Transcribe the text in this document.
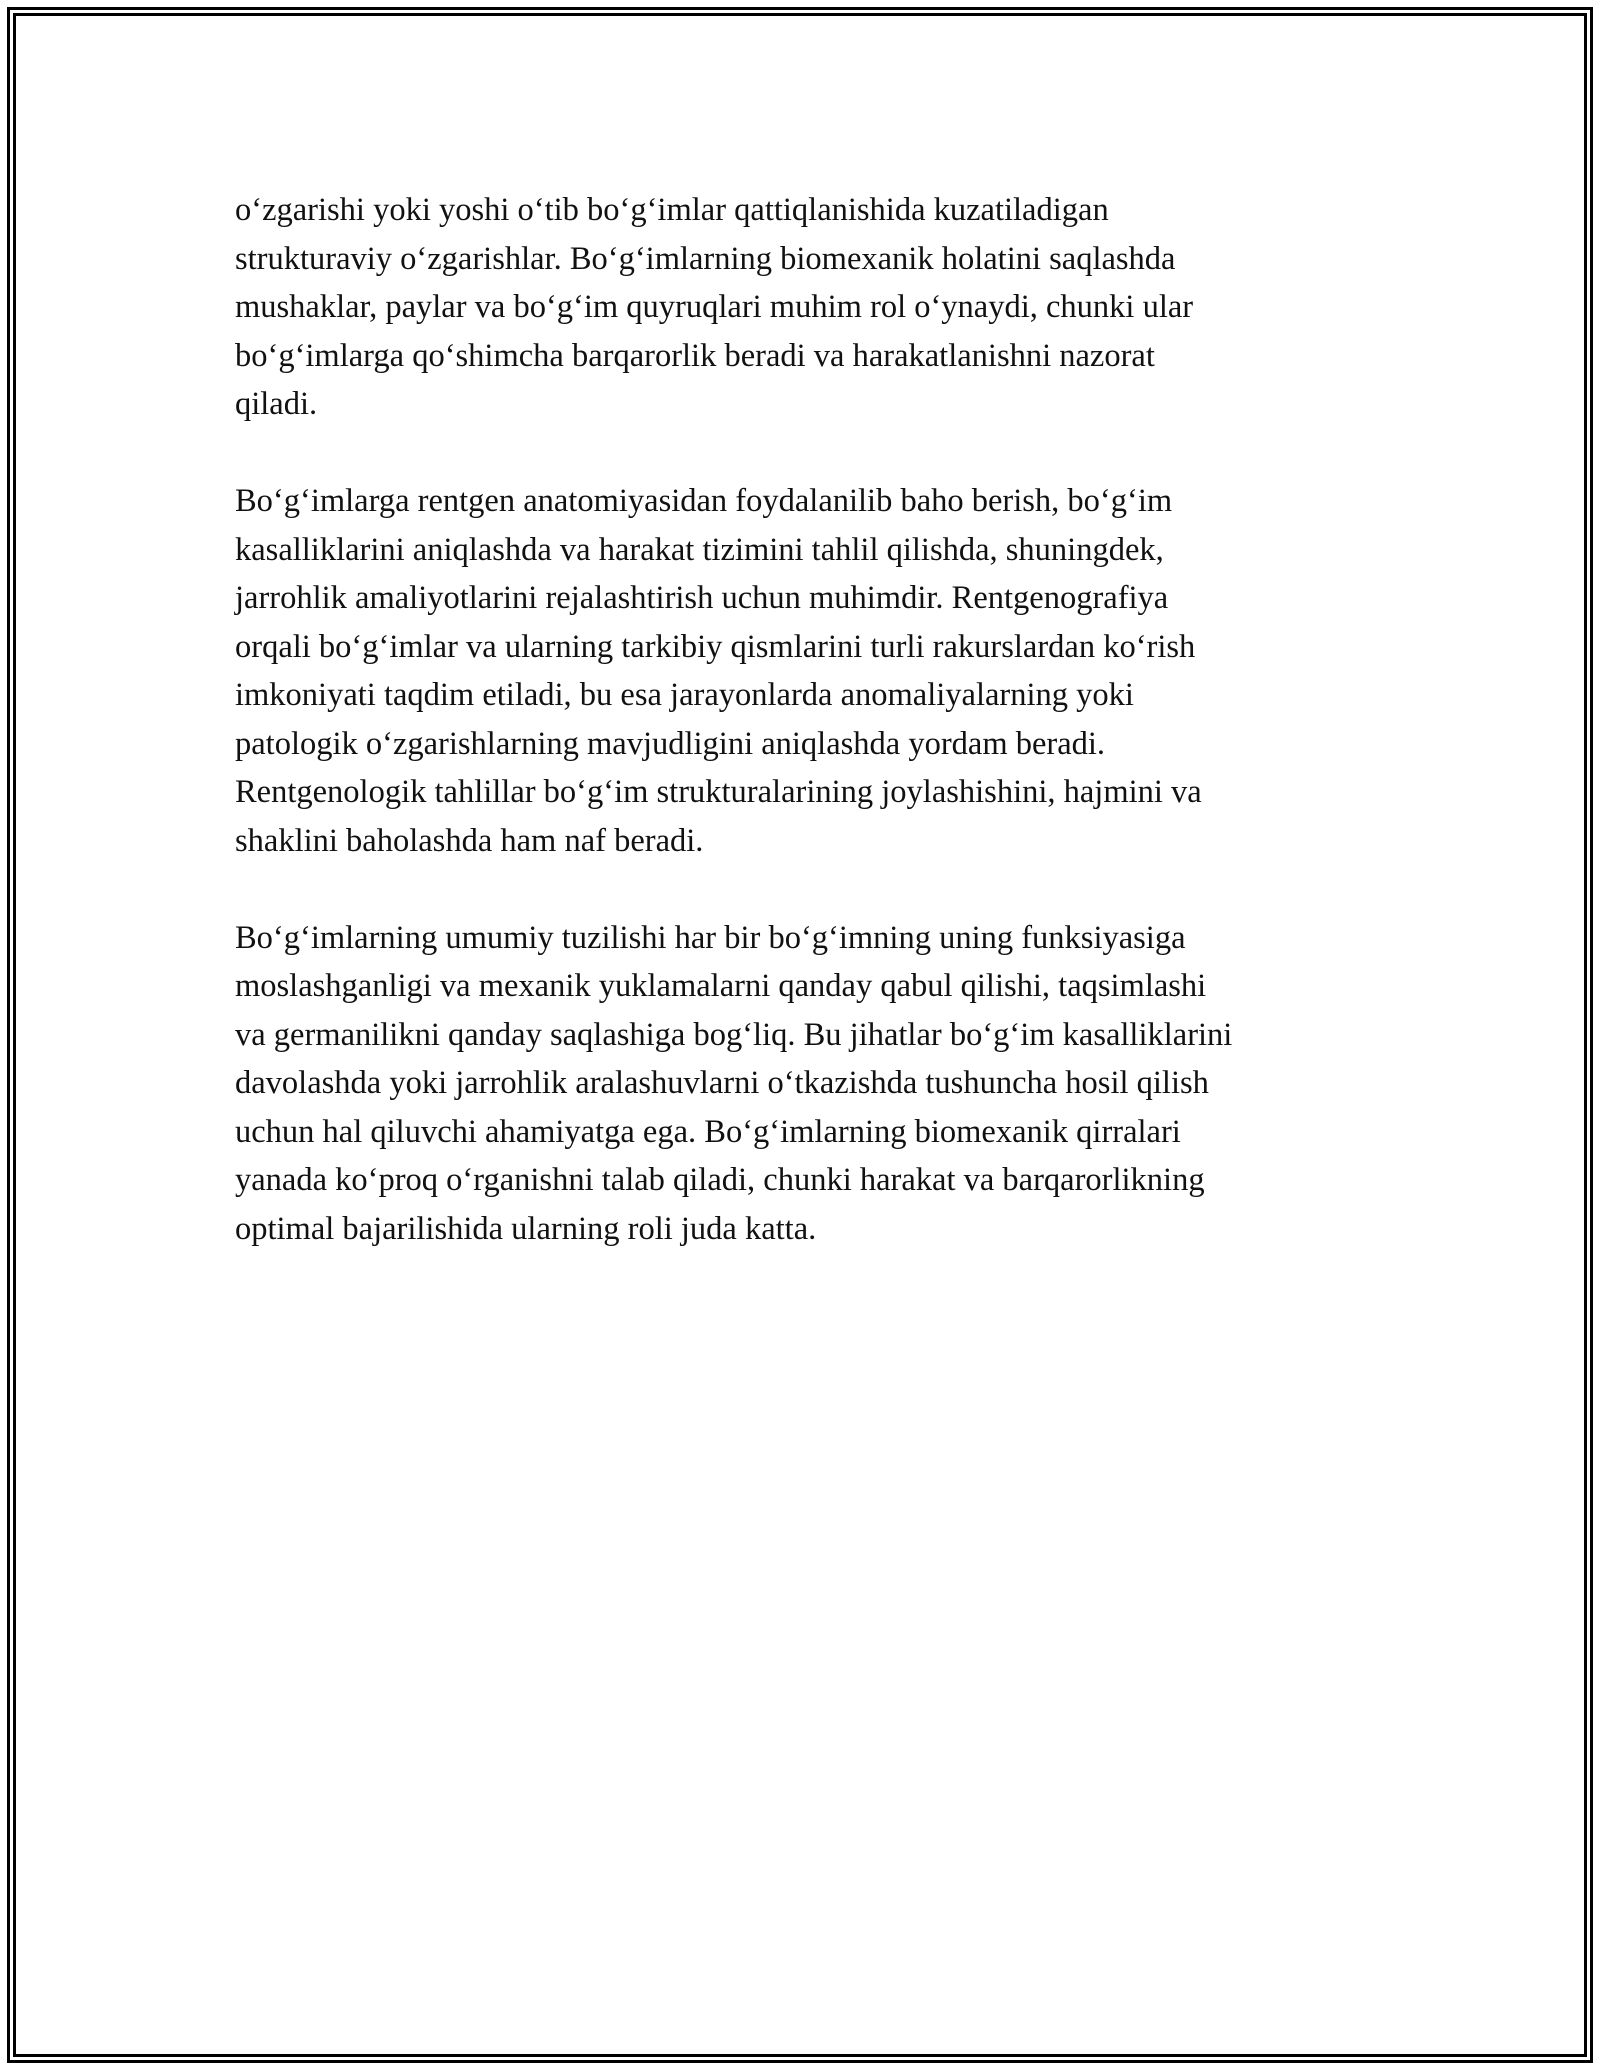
o‘zgarishi yoki yoshi o‘tib bo‘g‘imlar qattiqlanishida kuzatiladigan
strukturaviy o‘zgarishlar. Bo‘g‘imlarning biomexanik holatini saqlashda
mushaklar, paylar va bo‘g‘im quyruqlari muhim rol o‘ynaydi, chunki ular
bo‘g‘imlarga qo‘shimcha barqarorlik beradi va harakatlanishni nazorat
qiladi.

Bo‘g‘imlarga rentgen anatomiyasidan foydalanilib baho berish, bo‘g‘im
kasalliklarini aniqlashda va harakat tizimini tahlil qilishda, shuningdek,
jarrohlik amaliyotlarini rejalashtirish uchun muhimdir. Rentgenografiya
orqali bo‘g‘imlar va ularning tarkibiy qismlarini turli rakurslardan ko‘rish
imkoniyati taqdim etiladi, bu esa jarayonlarda anomaliyalarning yoki
patologik o‘zgarishlarning mavjudligini aniqlashda yordam beradi.
Rentgenologik tahlillar bo‘g‘im strukturalarining joylashishini, hajmini va
shaklini baholashda ham naf beradi.

Bo‘g‘imlarning umumiy tuzilishi har bir bo‘g‘imning uning funksiyasiga
moslashganligi va mexanik yuklamalarni qanday qabul qilishi, taqsimlashi
va germanilikni qanday saqlashiga bog‘liq. Bu jihatlar bo‘g‘im kasalliklarini
davolashda yoki jarrohlik aralashuvlarni o‘tkazishda tushuncha hosil qilish
uchun hal qiluvchi ahamiyatga ega. Bo‘g‘imlarning biomexanik qirralari
yanada ko‘proq o‘rganishni talab qiladi, chunki harakat va barqarorlikning
optimal bajarilishida ularning roli juda katta.
